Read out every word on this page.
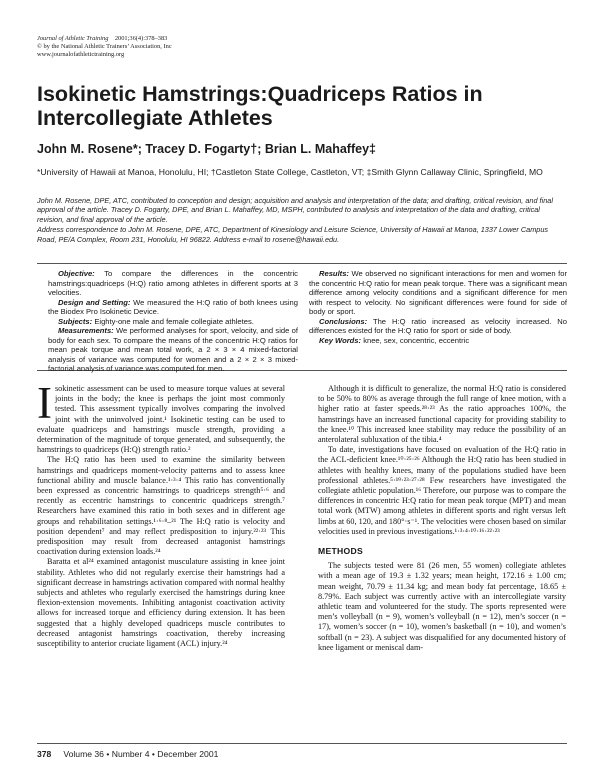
Journal of Athletic Training 2001;36(4):378–383
© by the National Athletic Trainers’ Association, Inc
www.journalofathletictraining.org
Isokinetic Hamstrings:Quadriceps Ratios in Intercollegiate Athletes
John M. Rosene*; Tracey D. Fogarty†; Brian L. Mahaffey‡
*University of Hawaii at Manoa, Honolulu, HI; †Castleton State College, Castleton, VT; ‡Smith Glynn Callaway Clinic, Springfield, MO

John M. Rosene, DPE, ATC, contributed to conception and design; acquisition and analysis and interpretation of the data; and drafting, critical revision, and final approval of the article. Tracey D. Fogarty, DPE, and Brian L. Mahaffey, MD, MSPH, contributed to analysis and interpretation of the data and drafting, critical revision, and final approval of the article.

Address correspondence to John M. Rosene, DPE, ATC, Department of Kinesiology and Leisure Science, University of Hawaii at Manoa, 1337 Lower Campus Road, PE/A Complex, Room 231, Honolulu, HI 96822. Address e-mail to rosene@hawaii.edu.

Objective: To compare the differences in the concentric hamstrings:quadriceps (H:Q) ratio among athletes in different sports at 3 velocities.

Design and Setting: We measured the H:Q ratio of both knees using the Biodex Pro Isokinetic Device.

Subjects: Eighty-one male and female collegiate athletes.

Measurements: We performed analyses for sport, velocity, and side of body for each sex. To compare the means of the concentric H:Q ratios for mean peak torque and mean total work, a 2 × 3 × 4 mixed-factorial analysis of variance was computed for women and a 2 × 2 × 3 mixed-factorial analysis of variance was computed for men.

Results: We observed no significant interactions for men and women for the concentric H:Q ratio for mean peak torque. There was a significant mean difference among velocity conditions and a significant difference for men with respect to velocity. No significant differences were found for side of body or sport.

Conclusions: The H:Q ratio increased as velocity increased. No differences existed for the H:Q ratio for sport or side of body.

Key Words: knee, sex, concentric, eccentric

Isokinetic assessment can be used to measure torque values at several joints in the body; the knee is perhaps the joint most commonly tested. This assessment typically involves comparing the involved joint with the uninvolved joint.¹ Isokinetic testing can be used to evaluate quadriceps and hamstrings muscle strength, providing a determination of the magnitude of torque generated, and subsequently, the hamstrings to quadriceps (H:Q) strength ratio.²

The H:Q ratio has been used to examine the similarity between hamstrings and quadriceps moment-velocity patterns and to assess knee functional ability and muscle balance.¹·³·⁴ This ratio has conventionally been expressed as concentric hamstrings to quadriceps strength⁵·⁶ and recently as eccentric hamstrings to concentric quadriceps strength.⁷ Researchers have examined this ratio in both sexes and in different age groups and rehabilitation settings.¹·⁶·⁸–²¹ The H:Q ratio is velocity and position dependent⁷ and may reflect predisposition to injury.²²·²³ This predisposition may result from decreased antagonist hamstrings coactivation during extension loads.²⁴

Baratta et al²⁴ examined antagonist musculature assisting in knee joint stability. Athletes who did not regularly exercise their hamstrings had a significant decrease in hamstrings activation compared with normal healthy subjects and athletes who regularly exercised the hamstrings during knee flexion-extension movements. Inhibiting antagonist coactivation activity allows for increased torque and efficiency during extension. It has been suggested that a highly developed quadriceps muscle contributes to decreased antagonist hamstrings coactivation, thereby increasing susceptibility to anterior cruciate ligament (ACL) injury.²⁴

Although it is difficult to generalize, the normal H:Q ratio is considered to be 50% to 80% as average through the full range of knee motion, with a higher ratio at faster speeds.²⁸·²³ As the ratio approaches 100%, the hamstrings have an increased functional capacity for providing stability to the knee.¹⁰ This increased knee stability may reduce the possibility of an anterolateral subluxation of the tibia.⁴

To date, investigations have focused on evaluation of the H:Q ratio in the ACL-deficient knee.¹⁰·²⁵·²⁶ Although the H:Q ratio has been studied in athletes with healthy knees, many of the populations studied have been professional athletes.⁵·¹⁹·²³·²⁷·²⁸ Few researchers have investigated the collegiate athletic population.¹⁶ Therefore, our purpose was to compare the differences in concentric H:Q ratio for mean peak torque (MPT) and mean total work (MTW) among athletes in different sports and right versus left limbs at 60, 120, and 180°·s⁻¹. The velocities were chosen based on similar velocities used in previous investigations.¹·³·⁴·¹⁰·¹⁶·²²·²³

METHODS

The subjects tested were 81 (26 men, 55 women) collegiate athletes with a mean age of 19.3 ± 1.32 years; mean height, 172.16 ± 1.00 cm; mean weight, 70.79 ± 11.34 kg; and mean body fat percentage, 18.65 ± 8.79%. Each subject was currently active with an intercollegiate varsity athletic team and volunteered for the study. The sports represented were men’s volleyball (n = 9), women’s volleyball (n = 12), men’s soccer (n = 17), women’s soccer (n = 10), women’s basketball (n = 10), and women’s softball (n = 23). A subject was disqualified for any documented history of knee ligament or meniscal dam-

378 Volume 36 • Number 4 • December 2001
